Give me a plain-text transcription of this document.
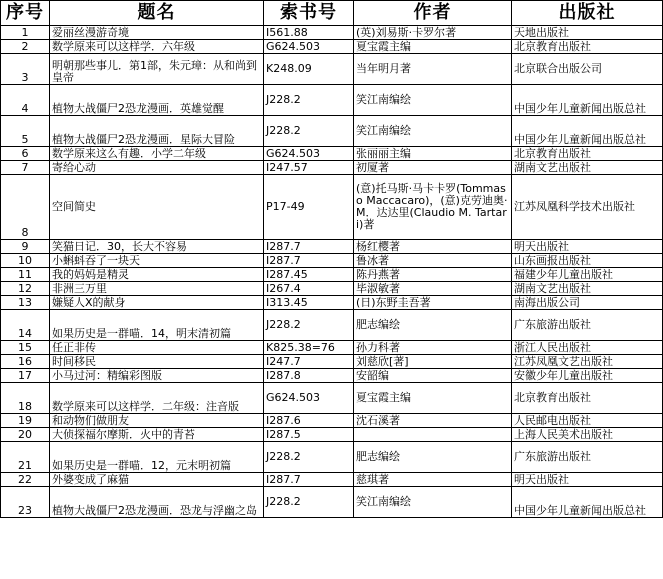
序号	题名	索书号	作者	出版社
1	爱丽丝漫游奇境	I561.88	(英)刘易斯·卡罗尔著	天地出版社
2	数学原来可以这样学．六年级	G624.503	夏宝霞主编	北京教育出版社
3	明朝那些事儿．第1部，朱元璋：从和尚到皇帝	K248.09	当年明月著	北京联合出版公司
4	植物大战僵尸2恐龙漫画．英雄觉醒	J228.2	笑江南编绘	中国少年儿童新闻出版总社
5	植物大战僵尸2恐龙漫画．星际大冒险	J228.2	笑江南编绘	中国少年儿童新闻出版总社
6	数学原来这么有趣．小学二年级	G624.503	张丽丽主编	北京教育出版社
7	寄给心动	I247.57	初厦著	湖南文艺出版社
8	空间简史	P17-49	(意)托马斯·马卡卡罗(Tommaso Maccacaro)，(意)克劳迪奥·M．达达里(Claudio M. Tartari)著	江苏凤凰科学技术出版社
9	笑猫日记．30，长大不容易	I287.7	杨红樱著	明天出版社
10	小蝌蚪吞了一块天	I287.7	鲁冰著	山东画报出版社
11	我的妈妈是精灵	I287.45	陈丹燕著	福建少年儿童出版社
12	非洲三万里	I267.4	毕淑敏著	湖南文艺出版社
13	嫌疑人X的献身	I313.45	(日)东野圭吾著	南海出版公司
14	如果历史是一群喵．14，明末清初篇	J228.2	肥志编绘	广东旅游出版社
15	任正非传	K825.38=76	孙力科著	浙江人民出版社
16	时间移民	I247.7	刘慈欣[著]	江苏凤凰文艺出版社
17	小马过河：精编彩图版	I287.8	安韶编	安徽少年儿童出版社
18	数学原来可以这样学．二年级：注音版	G624.503	夏宝霞主编	北京教育出版社
19	和动物们做朋友	I287.6	沈石溪著	人民邮电出版社
20	大侦探福尔摩斯．火中的青苔	I287.5		上海人民美术出版社
21	如果历史是一群喵．12，元末明初篇	J228.2	肥志编绘	广东旅游出版社
22	外婆变成了麻猫	I287.7	慈琪著	明天出版社
23	植物大战僵尸2恐龙漫画．恐龙与浮幽之岛	J228.2	笑江南编绘	中国少年儿童新闻出版总社
